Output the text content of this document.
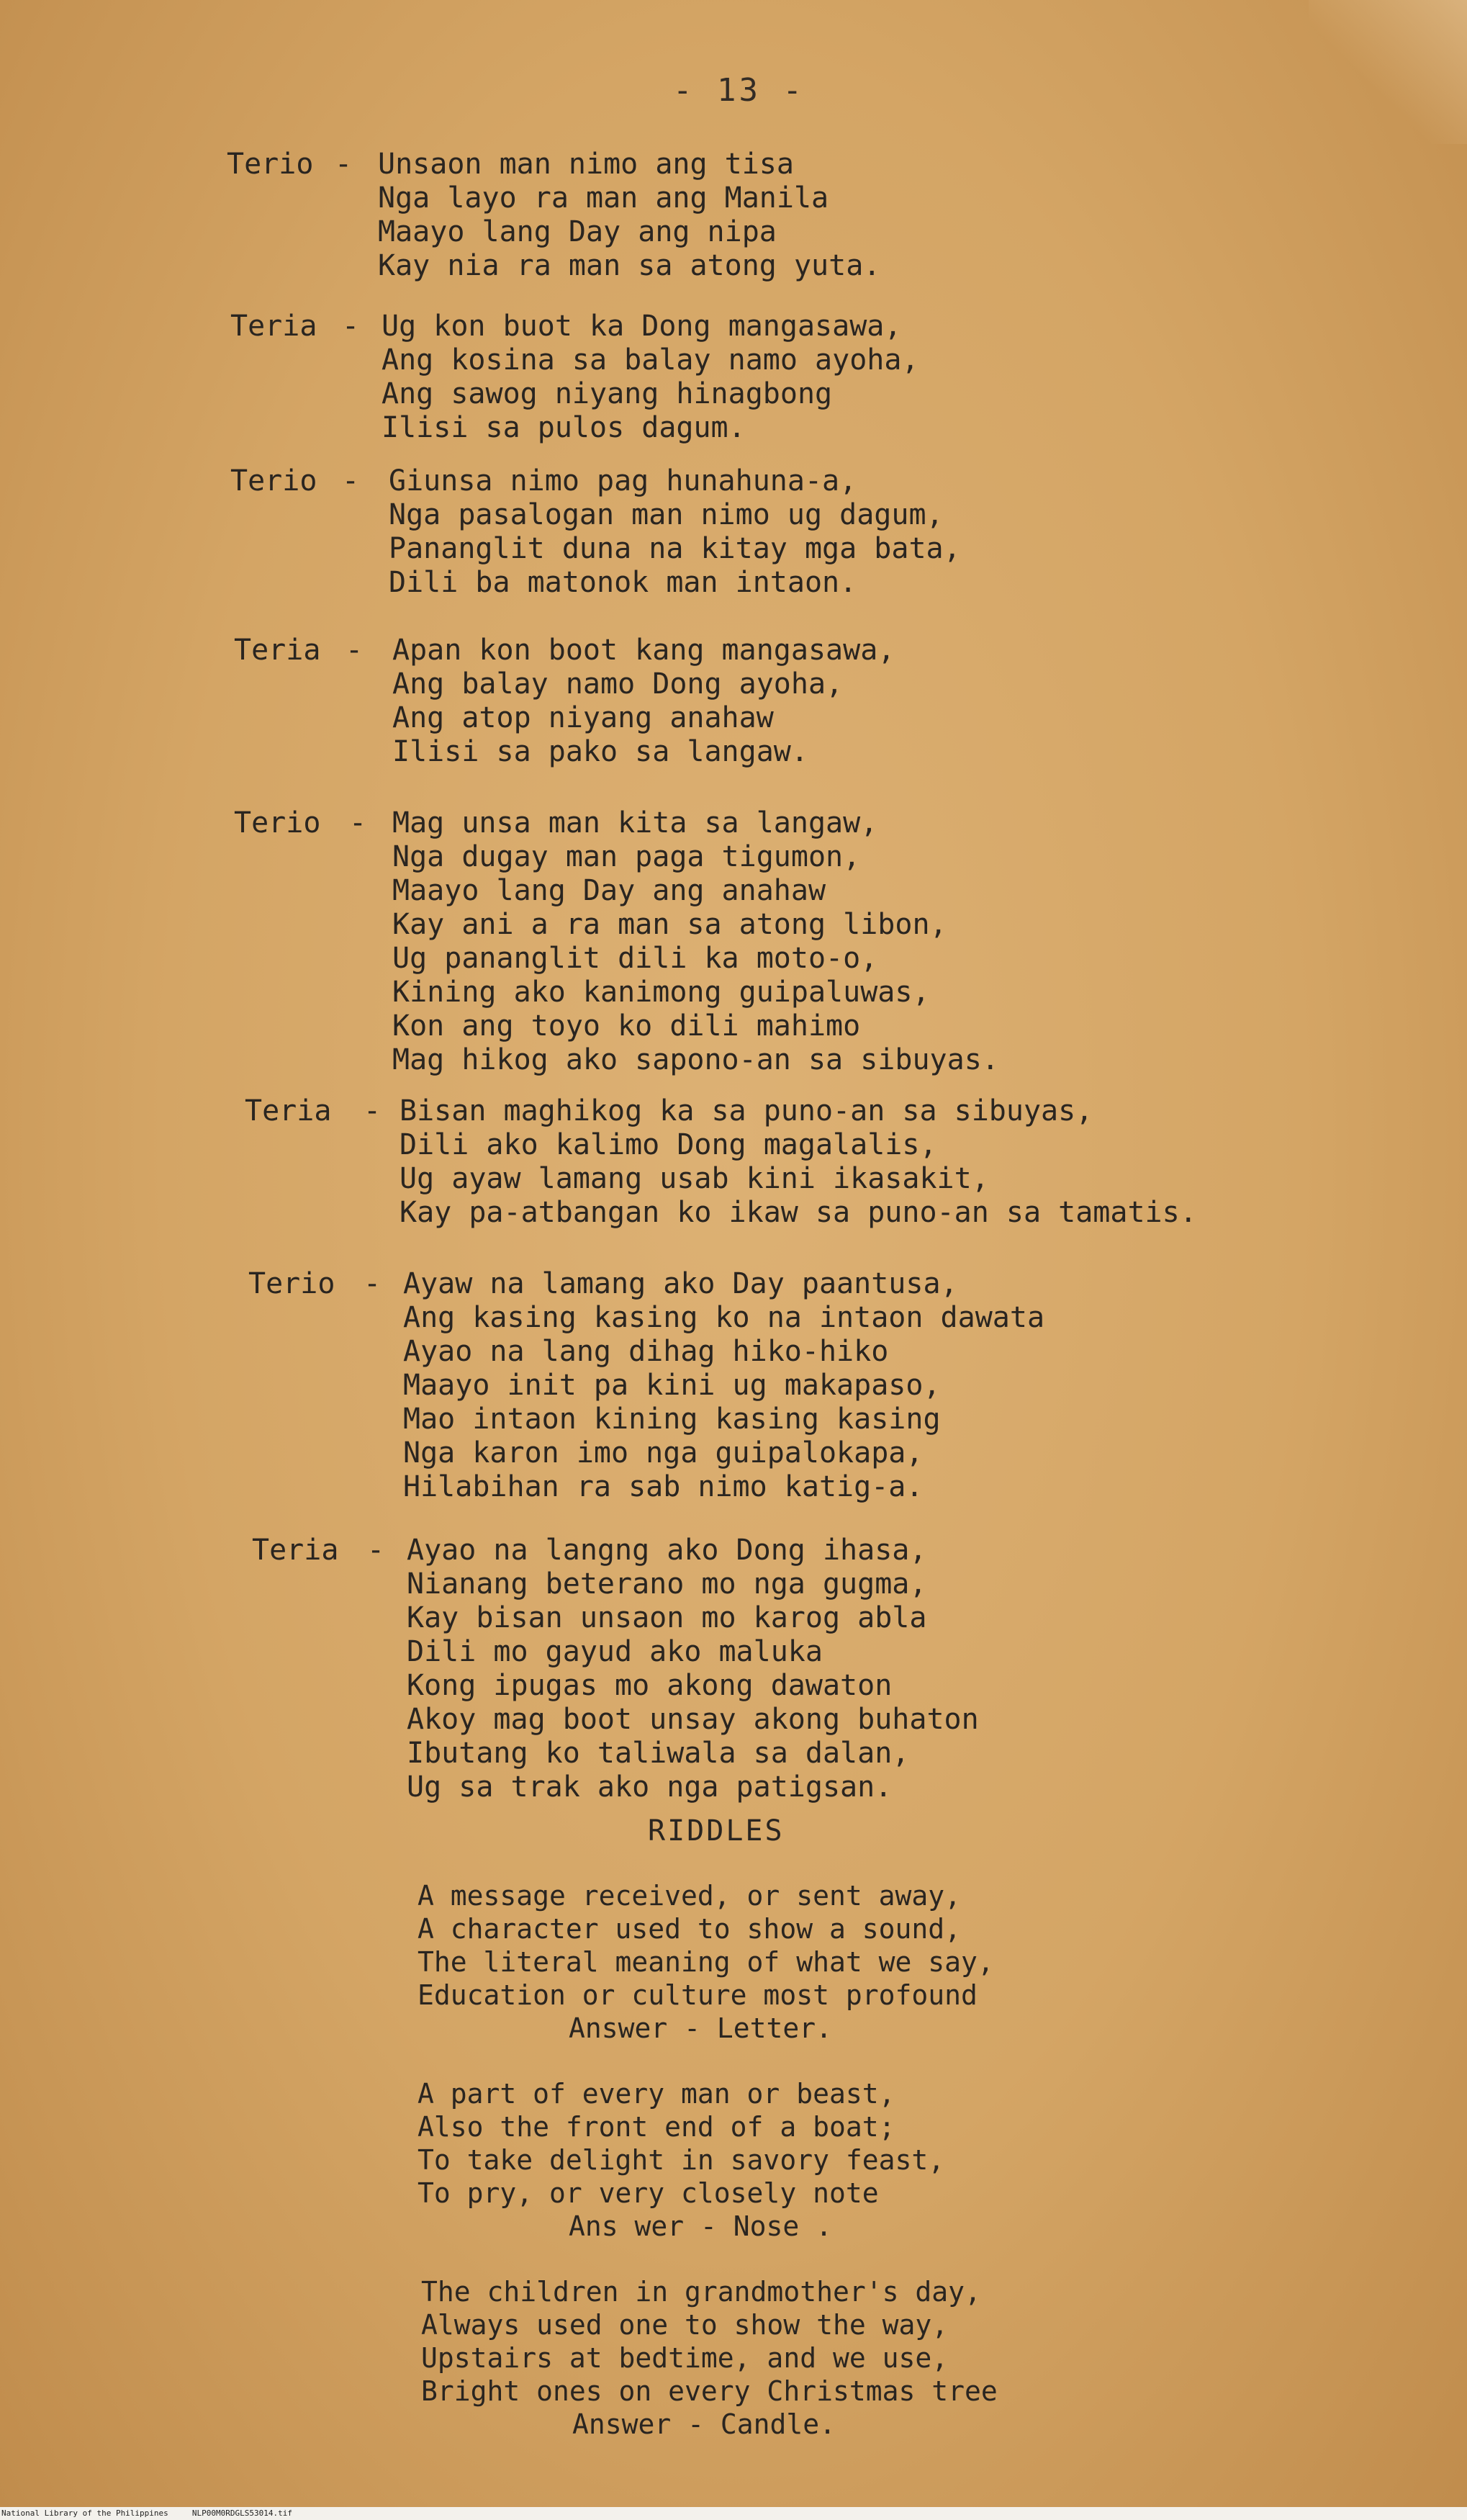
- 13 -
Terio - Unsaon man nimo ang tisa
Nga layo ra man ang Manila
Maayo lang Day ang nipa
Kay nia ra man sa atong yuta.
Teria - Ug kon buot ka Dong mangasawa,
Ang kosina sa balay namo ayoha,
Ang sawog niyang hinagbong
Ilisi sa pulos dagum.
Terio - Giunsa nimo pag hunahuna-a,
Nga pasalogan man nimo ug dagum,
Pananglit duna na kitay mga bata,
Dili ba matonok man intaon.
Teria - Apan kon boot kang mangasawa,
Ang balay namo Dong ayoha,
Ang atop niyang anahaw
Ilisi sa pako sa langaw.
Terio - Mag unsa man kita sa langaw,
Nga dugay man paga tigumon,
Maayo lang Day ang anahaw
Kay ani a ra man sa atong libon,
Ug pananglit dili ka moto-o,
Kining ako kanimong guipaluwas,
Kon ang toyo ko dili mahimo
Mag hikog ako sapono-an sa sibuyas.
Teria - Bisan maghikog ka sa puno-an sa sibuyas,
Dili ako kalimo Dong magalalis,
Ug ayaw lamang usab kini ikasakit,
Kay pa-atbangan ko ikaw sa puno-an sa tamatis.
Terio - Ayaw na lamang ako Day paantusa,
Ang kasing kasing ko na intaon dawata
Ayao na lang dihag hiko-hiko
Maayo init pa kini ug makapaso,
Mao intaon kining kasing kasing
Nga karon imo nga guipalokapa,
Hilabihan ra sab nimo katig-a.
Teria - Ayao na langng ako Dong ihasa,
Nianang beterano mo nga gugma,
Kay bisan unsaon mo karog abla
Dili mo gayud ako maluka
Kong ipugas mo akong dawaton
Akoy mag boot unsay akong buhaton
Ibutang ko taliwala sa dalan,
Ug sa trak ako nga patigsan.
RIDDLES
A message received, or sent away,
A character used to show a sound,
The literal meaning of what we say,
Education or culture most profound
Answer - Letter.
A part of every man or beast,
Also the front end of a boat;
To take delight in savory feast,
To pry, or very closely note
Ans wer - Nose .
The children in grandmother's day,
Always used one to show the way,
Upstairs at bedtime, and we use,
Bright ones on every Christmas tree
Answer - Candle.
National Library of the Philippines     NLP00M0RDGLS53014.tif
